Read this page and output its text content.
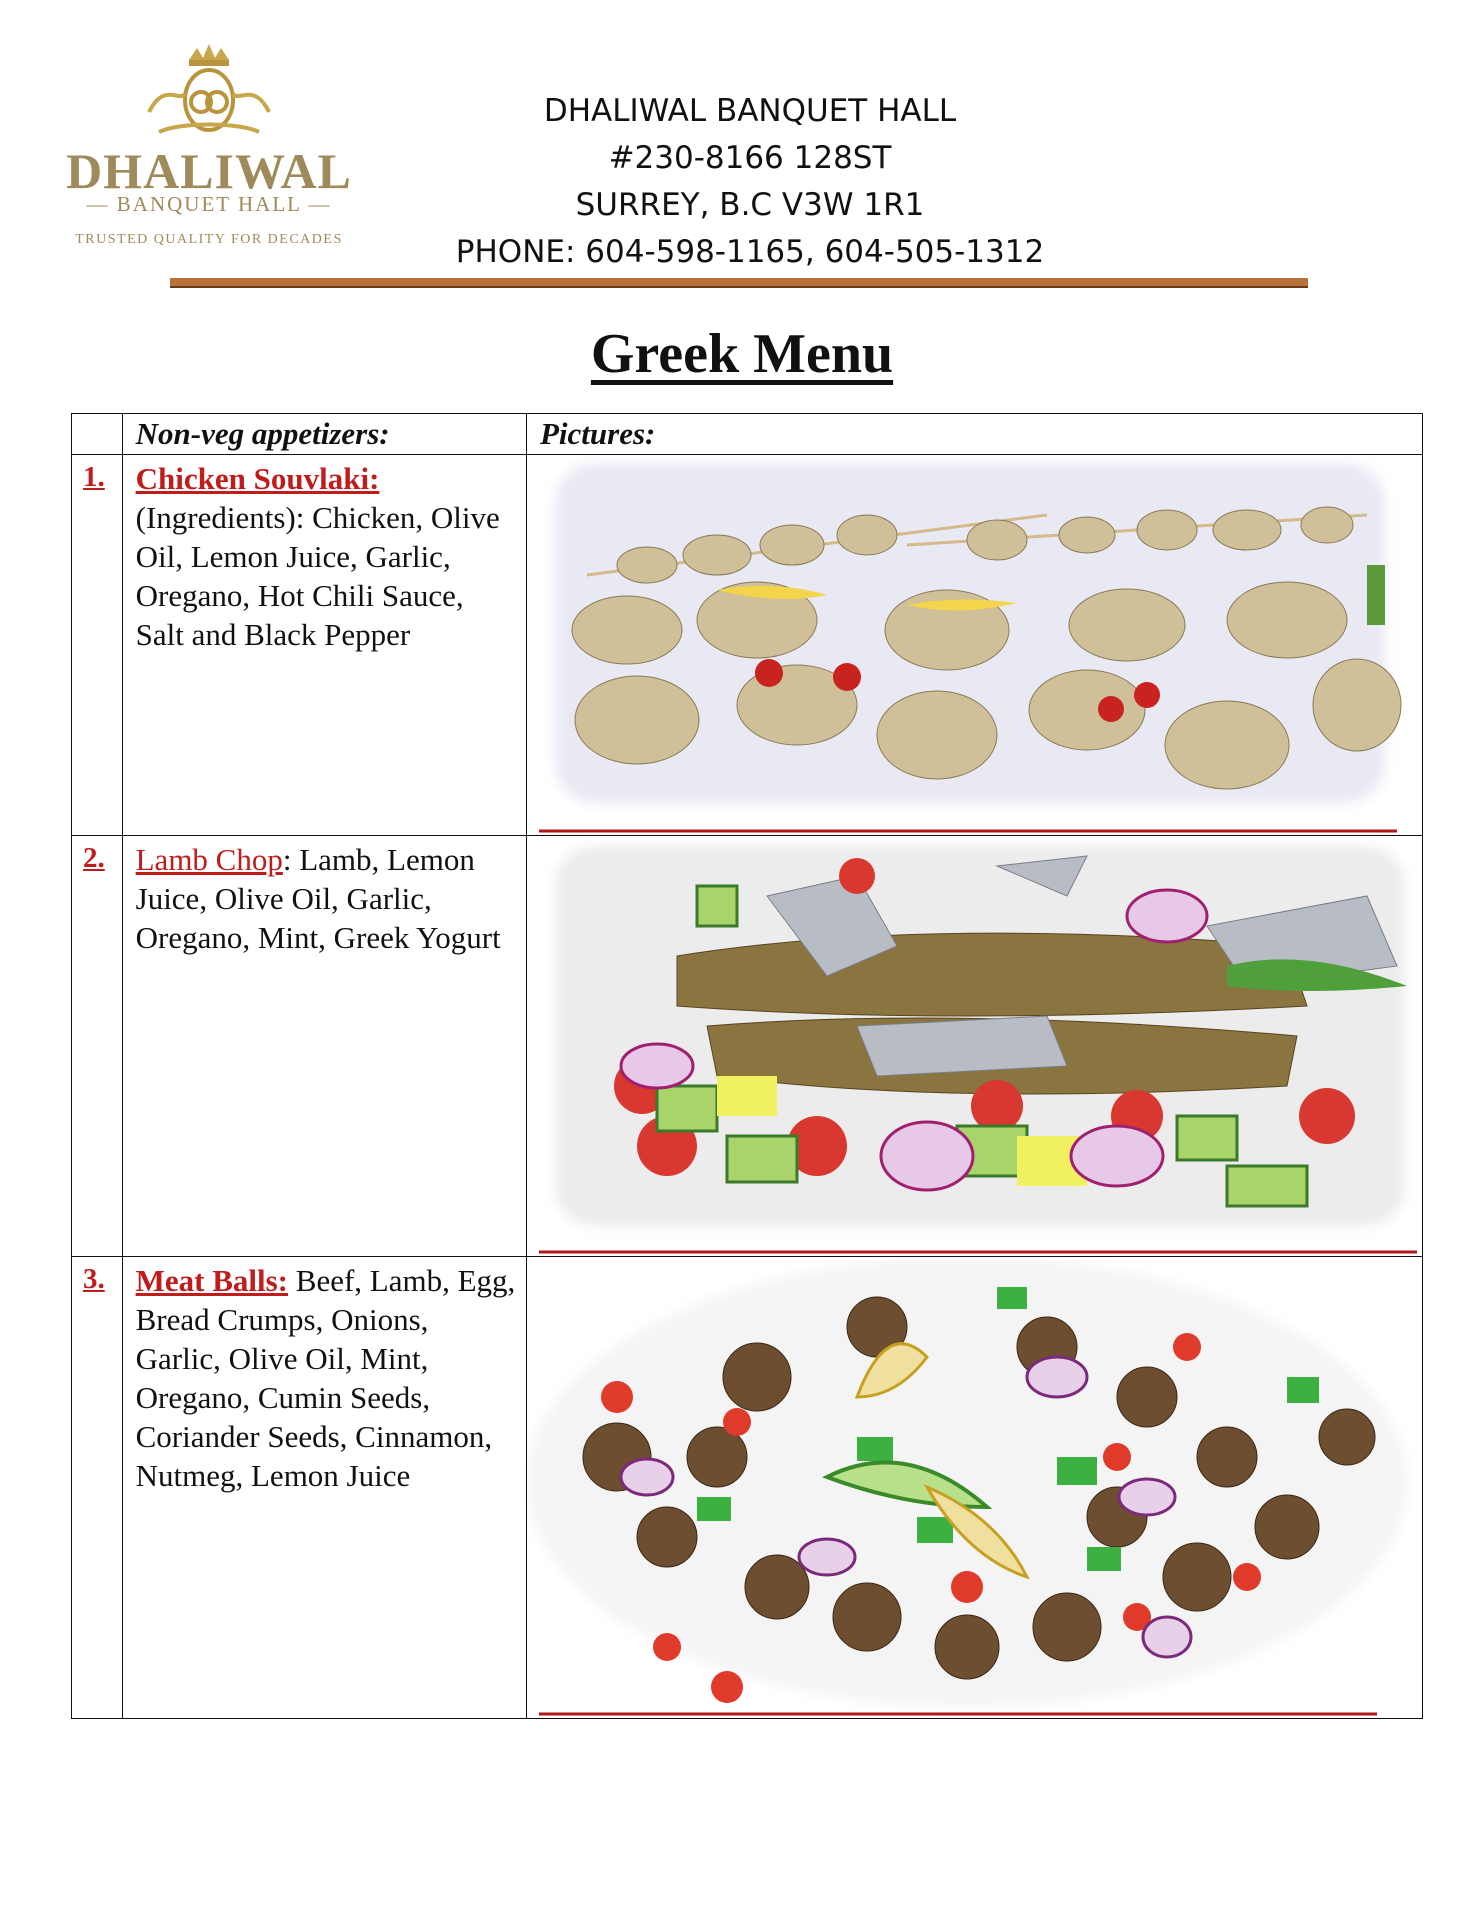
DHALIWAL
— BANQUET HALL —
TRUSTED QUALITY FOR DECADES
DHALIWAL BANQUET HALL
#230-8166 128ST
SURREY, B.C V3W 1R1
PHONE: 604-598-1165, 604-505-1312
Greek Menu
	Non-veg appetizers:	Pictures:

1.	Chicken Souvlaki:
(Ingredients): Chicken, Olive Oil, Lemon Juice, Garlic, Oregano, Hot Chili Sauce, Salt and Black Pepper

2.	Lamb Chop: Lamb, Lemon Juice, Olive Oil, Garlic, Oregano, Mint, Greek Yogurt

3.	Meat Balls: Beef, Lamb, Egg, Bread Crumps, Onions, Garlic, Olive Oil, Mint, Oregano, Cumin Seeds, Coriander Seeds, Cinnamon, Nutmeg, Lemon Juice
